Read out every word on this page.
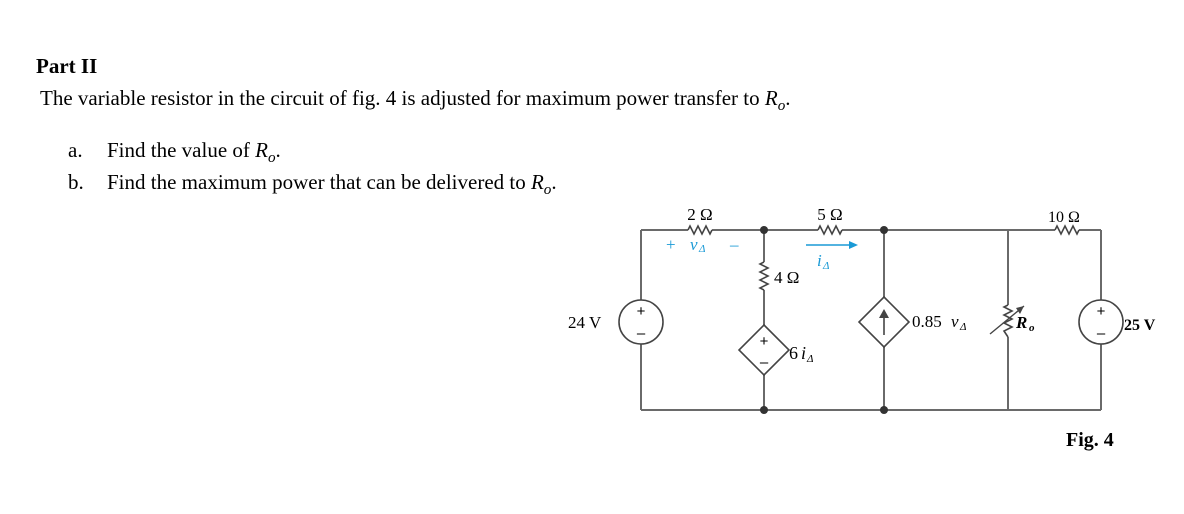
Part II
The variable resistor in the circuit of fig. 4 is adjusted for maximum power transfer to $R_o$.
a. Find the value of $R_o$.
b. Find the maximum power that can be delivered to $R_o$.
+
–
+
–
+
–
2 Ω	5 Ω	10 Ω
4 Ω
+ v Δ –
i Δ
24 V	25 V
6 i Δ
0.85 v Δ	R o
Fig. 4
